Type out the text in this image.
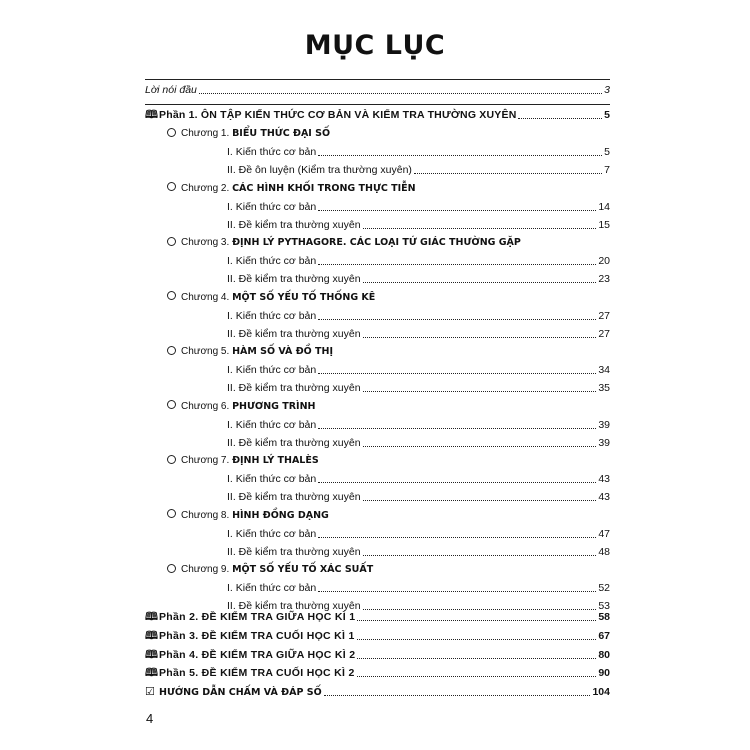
MỤC LỤC
Lời nói đầu	3
🕮 Phần 1. ÔN TẬP KIẾN THỨC CƠ BẢN VÀ KIỂM TRA THƯỜNG XUYÊN	5
Chương 1. BIỂU THỨC ĐẠI SỐ
I. Kiến thức cơ bản	5
II. Đề ôn luyện (Kiểm tra thường xuyên)	7
Chương 2. CÁC HÌNH KHỐI TRONG THỰC TIỄN
I. Kiến thức cơ bản	14
II. Đề kiểm tra thường xuyên	15
Chương 3. ĐỊNH LÝ PYTHAGORE. CÁC LOẠI TỨ GIÁC THƯỜNG GẶP
I. Kiến thức cơ bản	20
II. Đề kiểm tra thường xuyên	23
Chương 4. MỘT SỐ YẾU TỐ THỐNG KÊ
I. Kiến thức cơ bản	27
II. Đề kiểm tra thường xuyên	27
Chương 5. HÀM SỐ VÀ ĐỒ THỊ
I. Kiến thức cơ bản	34
II. Đề kiểm tra thường xuyên	35
Chương 6. PHƯƠNG TRÌNH
I. Kiến thức cơ bản	39
II. Đề kiểm tra thường xuyên	39
Chương 7. ĐỊNH LÝ THALÈS
I. Kiến thức cơ bản	43
II. Đề kiểm tra thường xuyên	43
Chương 8. HÌNH ĐỒNG DẠNG
I. Kiến thức cơ bản	47
II. Đề kiểm tra thường xuyên	48
Chương 9. MỘT SỐ YẾU TỐ XÁC SUẤT
I. Kiến thức cơ bản	52
II. Đề kiểm tra thường xuyên	53
🕮 Phần 2. ĐỀ KIỂM TRA GIỮA HỌC KÌ 1	58
🕮 Phần 3. ĐỀ KIỂM TRA CUỐI HỌC KÌ 1	67
🕮 Phần 4. ĐỀ KIỂM TRA GIỮA HỌC KÌ 2	80
🕮 Phần 5. ĐỀ KIỂM TRA CUỐI HỌC KÌ 2	90
☑ HƯỚNG DẪN CHẤM VÀ ĐÁP SỐ	104
4
